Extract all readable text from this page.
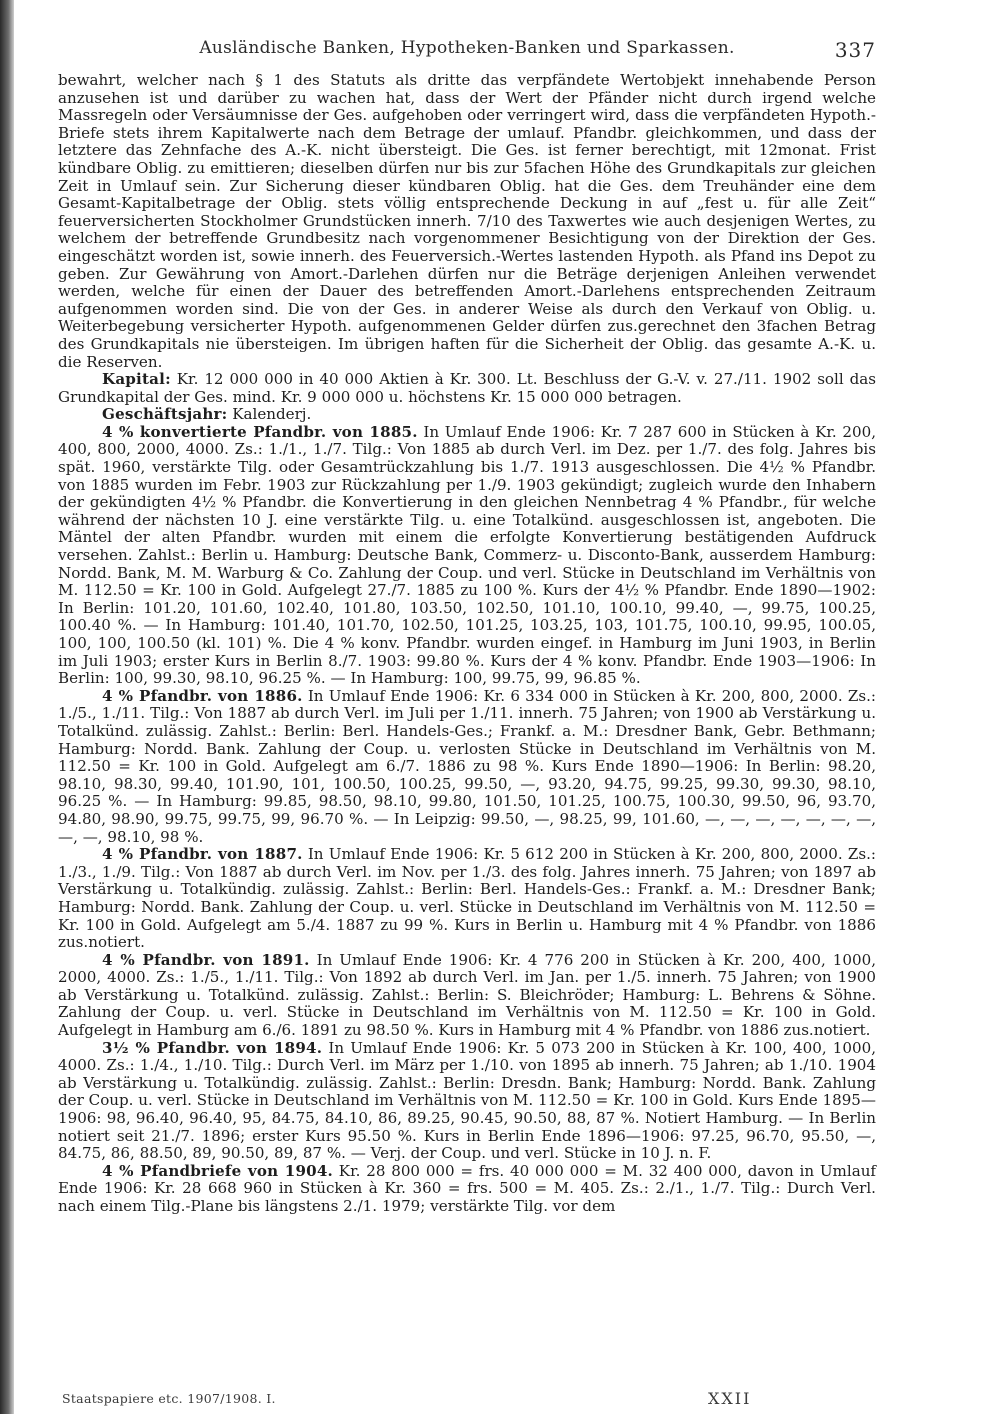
Ausländische Banken, Hypotheken-Banken und Sparkassen.	337

bewahrt, welcher nach § 1 des Statuts als dritte das verpfändete Wertobjekt innehabende Person anzusehen ist und darüber zu wachen hat, dass der Wert der Pfänder nicht durch irgend welche Massregeln oder Versäumnisse der Ges. aufgehoben oder verringert wird, dass die verpfändeten Hypoth.-Briefe stets ihrem Kapitalwerte nach dem Betrage der umlauf. Pfandbr. gleichkommen, und dass der letztere das Zehnfache des A.-K. nicht übersteigt. Die Ges. ist ferner berechtigt, mit 12monat. Frist kündbare Oblig. zu emittieren; dieselben dürfen nur bis zur 5fachen Höhe des Grundkapitals zur gleichen Zeit in Umlauf sein. Zur Sicherung dieser kündbaren Oblig. hat die Ges. dem Treuhänder eine dem Gesamt-Kapitalbetrage der Oblig. stets völlig entsprechende Deckung in auf „fest u. für alle Zeit“ feuerversicherten Stockholmer Grundstücken innerh. 7/10 des Taxwertes wie auch desjenigen Wertes, zu welchem der betreffende Grundbesitz nach vorgenommener Besichtigung von der Direktion der Ges. eingeschätzt worden ist, sowie innerh. des Feuerversich.-Wertes lastenden Hypoth. als Pfand ins Depot zu geben. Zur Gewährung von Amort.-Darlehen dürfen nur die Beträge derjenigen Anleihen verwendet werden, welche für einen der Dauer des betreffenden Amort.-Darlehens entsprechenden Zeitraum aufgenommen worden sind. Die von der Ges. in anderer Weise als durch den Verkauf von Oblig. u. Weiterbegebung versicherter Hypoth. aufgenommenen Gelder dürfen zus.gerechnet den 3fachen Betrag des Grundkapitals nie übersteigen. Im übrigen haften für die Sicherheit der Oblig. das gesamte A.-K. u. die Reserven.

Kapital: Kr. 12 000 000 in 40 000 Aktien à Kr. 300. Lt. Beschluss der G.-V. v. 27./11. 1902 soll das Grundkapital der Ges. mind. Kr. 9 000 000 u. höchstens Kr. 15 000 000 betragen.

Geschäftsjahr: Kalenderj.

4 % konvertierte Pfandbr. von 1885. In Umlauf Ende 1906: Kr. 7 287 600 in Stücken à Kr. 200, 400, 800, 2000, 4000. Zs.: 1./1., 1./7. Tilg.: Von 1885 ab durch Verl. im Dez. per 1./7. des folg. Jahres bis spät. 1960, verstärkte Tilg. oder Gesamtrückzahlung bis 1./7. 1913 ausgeschlossen. Die 4½ % Pfandbr. von 1885 wurden im Febr. 1903 zur Rückzahlung per 1./9. 1903 gekündigt; zugleich wurde den Inhabern der gekündigten 4½ % Pfandbr. die Konvertierung in den gleichen Nennbetrag 4 % Pfandbr., für welche während der nächsten 10 J. eine verstärkte Tilg. u. eine Totalkünd. ausgeschlossen ist, angeboten. Die Mäntel der alten Pfandbr. wurden mit einem die erfolgte Konvertierung bestätigenden Aufdruck versehen. Zahlst.: Berlin u. Hamburg: Deutsche Bank, Commerz- u. Disconto-Bank, ausserdem Hamburg: Nordd. Bank, M. M. Warburg & Co. Zahlung der Coup. und verl. Stücke in Deutschland im Verhältnis von M. 112.50 = Kr. 100 in Gold. Aufgelegt 27./7. 1885 zu 100 %. Kurs der 4½ % Pfandbr. Ende 1890—1902: In Berlin: 101.20, 101.60, 102.40, 101.80, 103.50, 102.50, 101.10, 100.10, 99.40, —, 99.75, 100.25, 100.40 %. — In Hamburg: 101.40, 101.70, 102.50, 101.25, 103.25, 103, 101.75, 100.10, 99.95, 100.05, 100, 100, 100.50 (kl. 101) %. Die 4 % konv. Pfandbr. wurden eingef. in Hamburg im Juni 1903, in Berlin im Juli 1903; erster Kurs in Berlin 8./7. 1903: 99.80 %. Kurs der 4 % konv. Pfandbr. Ende 1903—1906: In Berlin: 100, 99.30, 98.10, 96.25 %. — In Hamburg: 100, 99.75, 99, 96.85 %.

4 % Pfandbr. von 1886. In Umlauf Ende 1906: Kr. 6 334 000 in Stücken à Kr. 200, 800, 2000. Zs.: 1./5., 1./11. Tilg.: Von 1887 ab durch Verl. im Juli per 1./11. innerh. 75 Jahren; von 1900 ab Verstärkung u. Totalkünd. zulässig. Zahlst.: Berlin: Berl. Handels-Ges.; Frankf. a. M.: Dresdner Bank, Gebr. Bethmann; Hamburg: Nordd. Bank. Zahlung der Coup. u. verlosten Stücke in Deutschland im Verhältnis von M. 112.50 = Kr. 100 in Gold. Aufgelegt am 6./7. 1886 zu 98 %. Kurs Ende 1890—1906: In Berlin: 98.20, 98.10, 98.30, 99.40, 101.90, 101, 100.50, 100.25, 99.50, —, 93.20, 94.75, 99.25, 99.30, 99.30, 98.10, 96.25 %. — In Hamburg: 99.85, 98.50, 98.10, 99.80, 101.50, 101.25, 100.75, 100.30, 99.50, 96, 93.70, 94.80, 98.90, 99.75, 99.75, 99, 96.70 %. — In Leipzig: 99.50, —, 98.25, 99, 101.60, —, —, —, —, —, —, —, —, —, 98.10, 98 %.

4 % Pfandbr. von 1887. In Umlauf Ende 1906: Kr. 5 612 200 in Stücken à Kr. 200, 800, 2000. Zs.: 1./3., 1./9. Tilg.: Von 1887 ab durch Verl. im Nov. per 1./3. des folg. Jahres innerh. 75 Jahren; von 1897 ab Verstärkung u. Totalkündig. zulässig. Zahlst.: Berlin: Berl. Handels-Ges.: Frankf. a. M.: Dresdner Bank; Hamburg: Nordd. Bank. Zahlung der Coup. u. verl. Stücke in Deutschland im Verhältnis von M. 112.50 = Kr. 100 in Gold. Aufgelegt am 5./4. 1887 zu 99 %. Kurs in Berlin u. Hamburg mit 4 % Pfandbr. von 1886 zus.notiert.

4 % Pfandbr. von 1891. In Umlauf Ende 1906: Kr. 4 776 200 in Stücken à Kr. 200, 400, 1000, 2000, 4000. Zs.: 1./5., 1./11. Tilg.: Von 1892 ab durch Verl. im Jan. per 1./5. innerh. 75 Jahren; von 1900 ab Verstärkung u. Totalkünd. zulässig. Zahlst.: Berlin: S. Bleichröder; Hamburg: L. Behrens & Söhne. Zahlung der Coup. u. verl. Stücke in Deutschland im Verhältnis von M. 112.50 = Kr. 100 in Gold. Aufgelegt in Hamburg am 6./6. 1891 zu 98.50 %. Kurs in Hamburg mit 4 % Pfandbr. von 1886 zus.notiert.

3½ % Pfandbr. von 1894. In Umlauf Ende 1906: Kr. 5 073 200 in Stücken à Kr. 100, 400, 1000, 4000. Zs.: 1./4., 1./10. Tilg.: Durch Verl. im März per 1./10. von 1895 ab innerh. 75 Jahren; ab 1./10. 1904 ab Verstärkung u. Totalkündig. zulässig. Zahlst.: Berlin: Dresdn. Bank; Hamburg: Nordd. Bank. Zahlung der Coup. u. verl. Stücke in Deutschland im Verhältnis von M. 112.50 = Kr. 100 in Gold. Kurs Ende 1895—1906: 98, 96.40, 96.40, 95, 84.75, 84.10, 86, 89.25, 90.45, 90.50, 88, 87 %. Notiert Hamburg. — In Berlin notiert seit 21./7. 1896; erster Kurs 95.50 %. Kurs in Berlin Ende 1896—1906: 97.25, 96.70, 95.50, —, 84.75, 86, 88.50, 89, 90.50, 89, 87 %. — Verj. der Coup. und verl. Stücke in 10 J. n. F.

4 % Pfandbriefe von 1904. Kr. 28 800 000 = frs. 40 000 000 = M. 32 400 000, davon in Umlauf Ende 1906: Kr. 28 668 960 in Stücken à Kr. 360 = frs. 500 = M. 405. Zs.: 2./1., 1./7. Tilg.: Durch Verl. nach einem Tilg.-Plane bis längstens 2./1. 1979; verstärkte Tilg. vor dem

Staatspapiere etc. 1907/1908. I.	XXII
